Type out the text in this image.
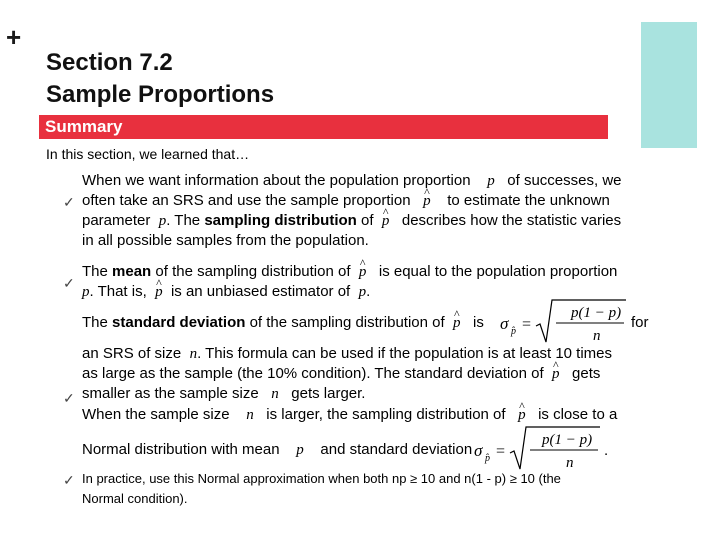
+
Section 7.2
Sample Proportions
Summary
In this section, we learned that…
✓
✓
✓
✓
When we want information about the population proportion p of successes, we
often take an SRS and use the sample proportion ^ p to estimate the unknown
parameter p. The sampling distribution of ^ p describes how the statistic varies
in all possible samples from the population.
The mean of the sampling distribution of ^ p is equal to the population proportion
p. That is, ^ p is an unbiased estimator of p.
The standard deviation of the sampling distribution of ^ p is	for
σ p̂ =
p(1 − p)
n
an SRS of size n. This formula can be used if the population is at least 10 times
as large as the sample (the 10% condition). The standard deviation of ^ p gets
smaller as the sample size n gets larger.
When the sample size n is larger, the sampling distribution of ^ p is close to a
Normal distribution with mean p and standard deviation σ p̂ =
p(1 − p)
n
.
In practice, use this Normal approximation when both np ≥ 10 and n(1 - p) ≥ 10 (the
Normal condition).
